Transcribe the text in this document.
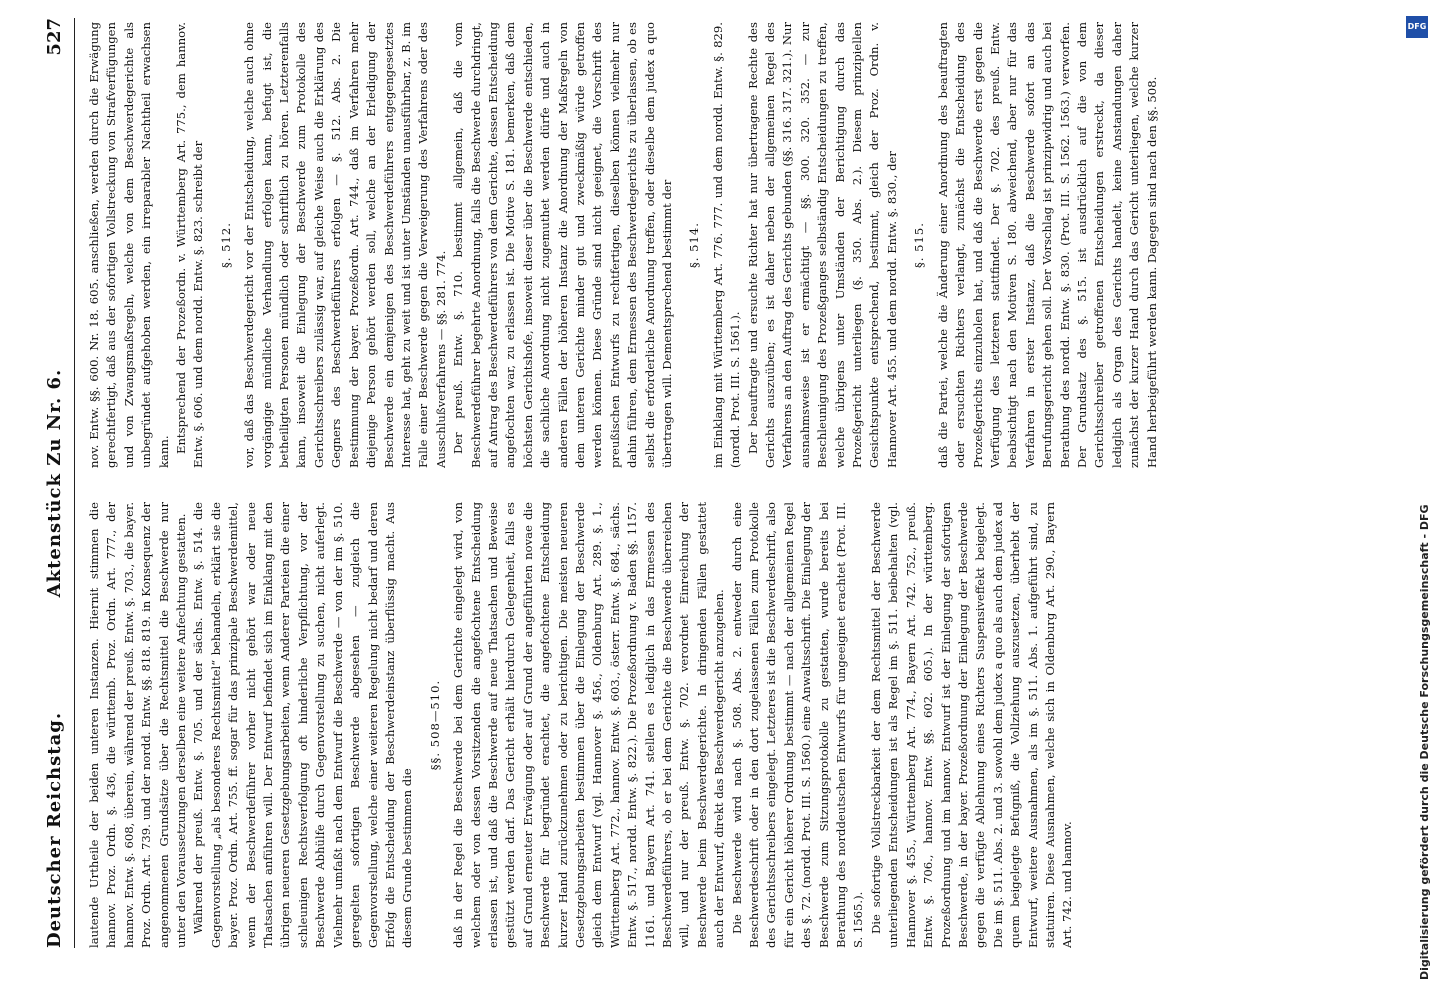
Deutscher Reichstag.
Aktenstück Zu Nr. 6.
527

lautende Urtheile der beiden unteren Instanzen. Hiernit stimmen die hannov. Proz. Ordn. §. 436, die württemb. Proz. Ordn. Art. 777., der hannov. Entw. §. 608, überein, während der preuß. Entw. §. 703., die bayer. Proz. Ordn. Art. 739. und der nordd. Entw. §§. 818. 819. in Konsequenz der angenommenen Grundsätze über die Rechtsmittel die Beschwerde nur unter den Voraussetzungen derselben eine weitere Anfechtung gestatten. Während der preuß. Entw. §. 705. und der sächs. Entw. §. 514. die Gegenvorstellung „als besonderes Rechtsmittel“ behandeln, erklärt sie die bayer. Proz. Ordn. Art. 755. ff. sogar für das prinzipale Beschwerdemittel, wenn der Beschwerdeführer vorher nicht gehört war oder neue Thatsachen anführen will. Der Entwurf befindet sich im Einklang mit den übrigen neueren Gesetzgebungsarbeiten, wenn Anderer Parteien die einer schleunigen Rechtsverfolgung oft hinderliche Verpflichtung, vor der Beschwerde Abhülfe durch Gegenvorstellung zu suchen, nicht auferlegt. Vielmehr umfaßt nach dem Entwurf die Beschwerde — von der im §. 510. geregelten sofortigen Beschwerde abgesehen — zugleich die Gegenvorstellung, welche einer weiteren Regelung nicht bedarf und deren Erfolg die Entscheidung der Beschwerdeinstanz überflüssig macht. Aus diesem Grunde bestimmen die

§§. 508—510. daß in der Regel die Beschwerde bei dem Gerichte eingelegt wird, von welchem oder von dessen Vorsitzenden die angefochtene Entscheidung erlassen ist, und daß die Beschwerde auf neue Thatsachen und Beweise gestützt werden darf. Das Gericht erhält hierdurch Gelegenheit, falls es auf Grund erneuter Erwägung oder auf Grund der angeführten novae die Beschwerde für begründet erachtet, die angefochtene Entscheidung kurzer Hand zurückzunehmen oder zu berichtigen. Die meisten neueren Gesetzgebungsarbeiten bestimmen über die Einlegung der Beschwerde gleich dem Entwurf (vgl. Hannover §. 456., Oldenburg Art. 289. §. 1., Württemberg Art. 772., hannov. Entw. §. 603., österr. Entw. §. 684., sächs. Entw. §. 517., nordd. Entw. §. 822.). Die Prozeßordnung v. Baden §§. 1157. 1161. und Bayern Art. 741. stellen es lediglich in das Ermessen des Beschwerdeführers, ob er bei dem Gerichte die Beschwerde überreichen will, und nur der preuß. Entw. §. 702. verordnet Einreichung der Beschwerde beim Beschwerdegerichte. In dringenden Fällen gestattet auch der Entwurf, direkt das Beschwerdegericht anzugehen. Die Beschwerde wird nach §. 508. Abs. 2. entweder durch eine Beschwerdeschrift oder in den dort zugelassenen Fällen zum Protokolle des Gerichtsschreibers eingelegt. Letzteres ist die Beschwerdeschrift, also für ein Gericht höherer Ordnung bestimmt — nach der allgemeinen Regel des §. 72. (nordd. Prot. III. S. 1560.) eine Anwaltsschrift. Die Einlegung der Beschwerde zum Sitzungsprotokolle zu gestatten, wurde bereits bei Berathung des norddeutschen Entwurfs für ungeeignet erachtet (Prot. III. S. 1565.). Die sofortige Vollstreckbarkeit der dem Rechtsmittel der Beschwerde unterliegenden Entscheidungen ist als Regel im §. 511. beibehalten (vgl. Hannover §. 455., Württemberg Art. 774., Bayern Art. 742. 752., preuß. Entw. §. 706., hannov. Entw. §§. 602. 605.). In der württemberg. Prozeßordnung und im hannov. Entwurf ist der Einlegung der sofortigen Beschwerde, in der bayer. Prozeßordnung der Einlegung der Beschwerde gegen die verfügte Ablehnung eines Richters Suspensiveffekt beigelegt. Die im §. 511. Abs. 2. und 3. sowohl dem judex a quo als auch dem judex ad quem beigelegte Befugniß, die Vollziehung auszusetzen, überhebt der Entwurf, weitere Ausnahmen, als im §. 511. Abs. 1. aufgeführt sind, zu statuiren. Diese Ausnahmen, welche sich in Oldenburg Art. 290., Bayern Art. 742. und hannov.

nov. Entw. §§. 600. Nr. 18. 605. anschließen, werden durch die Erwägung gerechtfertigt, daß aus der sofortigen Vollstreckung von Strafverfügungen und von Zwangsmaßregeln, welche von dem Beschwerdegerichte als unbegründet aufgehoben werden, ein irreparabler Nachtheil erwachsen kann. Entsprechend der Prozeßordn. v. Württemberg Art. 775., dem hannov. Entw. §. 606. und dem nordd. Entw. §. 823. schreibt der §. 512. vor, daß das Beschwerdegericht vor der Entscheidung, welche auch ohne vorgängige mündliche Verhandlung erfolgen kann, befugt ist, die betheiligten Personen mündlich oder schriftlich zu hören. Letzterenfalls kann, insoweit die Einlegung der Beschwerde zum Protokolle des Gerichtsschreibers zulässig war, auf gleiche Weise auch die Erklärung des Gegners des Beschwerdeführers erfolgen — §. 512. Abs. 2. Die Bestimmung der bayer. Prozeßordn. Art. 744., daß im Verfahren mehr diejenige Person gehört werden soll, welche an der Erledigung der Beschwerde ein demjenigen des Beschwerdeführers entgegengesetztes Interesse hat, geht zu weit und ist unter Umständen unausführbar, z. B. im Falle einer Beschwerde gegen die Verweigerung des Verfahrens oder des Ausschlußverfahrens — §§. 281. 774. Der preuß. Entw. §. 710. bestimmt allgemein, daß die vom Beschwerdeführer begehrte Anordnung, falls die Beschwerde durchdringt, auf Antrag des Beschwerdeführers von dem Gerichte, dessen Entscheidung angefochten war, zu erlassen ist. Die Motive S. 181. bemerken, daß dem höchsten Gerichtshofe, insoweit dieser über die Beschwerde entschieden, die sachliche Anordnung nicht zugemuthet werden dürfe und auch in anderen Fällen der höheren Instanz die Anordnung der Maßregeln von dem unteren Gerichte minder gut und zweckmäßig würde getroffen werden können. Diese Gründe sind nicht geeignet, die Vorschrift des preußischen Entwurfs zu rechtfertigen, dieselben können vielmehr nur dahin führen, dem Ermessen des Beschwerdegerichts zu überlassen, ob es selbst die erforderliche Anordnung treffen, oder dieselbe dem judex a quo übertragen will. Dementsprechend bestimmt der §. 514. im Einklang mit Württemberg Art. 776. 777. und dem nordd. Entw. §. 829. (nordd. Prot. III. S. 1561.). Der beauftragte und ersuchte Richter hat nur übertragene Rechte des Gerichts auszuüben; es ist daher neben der allgemeinen Regel des Verfahrens an den Auftrag des Gerichts gebunden (§§. 316. 317. 321.). Nur ausnahmsweise ist er ermächtigt — §§. 300. 320. 352. — zur Beschleunigung des Prozeßganges selbständig Entscheidungen zu treffen, welche übrigens unter Umständen der Berichtigung durch das Prozeßgericht unterliegen (§. 350. Abs. 2.). Diesem prinzipiellen Gesichtspunkte entsprechend, bestimmt, gleich der Proz. Ordn. v. Hannover Art. 455. und dem nordd. Entw. §. 830., der §. 515. daß die Partei, welche die Änderung einer Anordnung des beauftragten oder ersuchten Richters verlangt, zunächst die Entscheidung des Prozeßgerichts einzuholen hat, und daß die Beschwerde erst gegen die Verfügung des letzteren stattfindet. Der §. 702. des preuß. Entw. beabsichtigt nach den Motiven S. 180. abweichend, aber nur für das Verfahren in erster Instanz, daß die Beschwerde sofort an das Berufungsgericht gehen soll. Der Vorschlag ist prinzipwidrig und auch bei Berathung des nordd. Entw. §. 830. (Prot. III. S. 1562. 1563.) verworfen. Der Grundsatz des §. 515. ist ausdrücklich auf die von dem Gerichtsschreiber getroffenen Entscheidungen erstreckt, da dieser lediglich als Organ des Gerichts handelt, keine Anstandungen daher zunächst der kurzer Hand durch das Gericht unterliegen, welche kurzer Hand herbeigeführt werden kann. Dagegen sind nach den §§. 508.

DFG
Digitalisierung gefördert durch die Deutsche Forschungsgemeinschaft - DFG
